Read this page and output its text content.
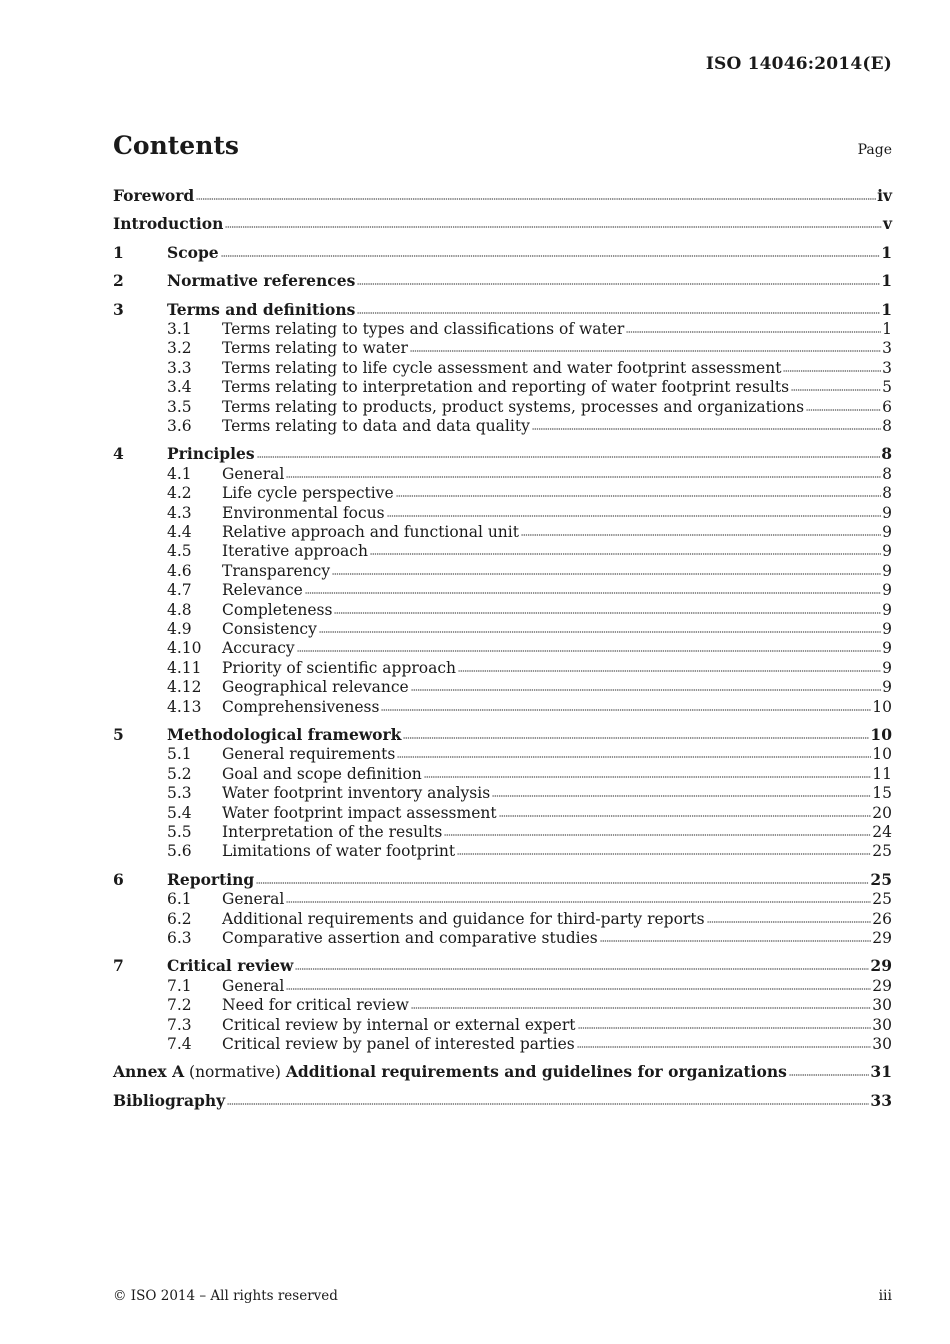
ISO 14046:2014(E)
Contents	Page
Foreword	iv
Introduction	v
1	Scope	1
2	Normative references	1
3	Terms and definitions	1
3.1	Terms relating to types and classifications of water	1
3.2	Terms relating to water	3
3.3	Terms relating to life cycle assessment and water footprint assessment	3
3.4	Terms relating to interpretation and reporting of water footprint results	5
3.5	Terms relating to products, product systems, processes and organizations	6
3.6	Terms relating to data and data quality	8
4	Principles	8
4.1	General	8
4.2	Life cycle perspective	8
4.3	Environmental focus	9
4.4	Relative approach and functional unit	9
4.5	Iterative approach	9
4.6	Transparency	9
4.7	Relevance	9
4.8	Completeness	9
4.9	Consistency	9
4.10	Accuracy	9
4.11	Priority of scientific approach	9
4.12	Geographical relevance	9
4.13	Comprehensiveness	10
5	Methodological framework	10
5.1	General requirements	10
5.2	Goal and scope definition	11
5.3	Water footprint inventory analysis	15
5.4	Water footprint impact assessment	20
5.5	Interpretation of the results	24
5.6	Limitations of water footprint	25
6	Reporting	25
6.1	General	25
6.2	Additional requirements and guidance for third-party reports	26
6.3	Comparative assertion and comparative studies	29
7	Critical review	29
7.1	General	29
7.2	Need for critical review	30
7.3	Critical review by internal or external expert	30
7.4	Critical review by panel of interested parties	30
Annex A (normative) Additional requirements and guidelines for organizations	31
Bibliography	33
© ISO 2014 – All rights reserved	iii
